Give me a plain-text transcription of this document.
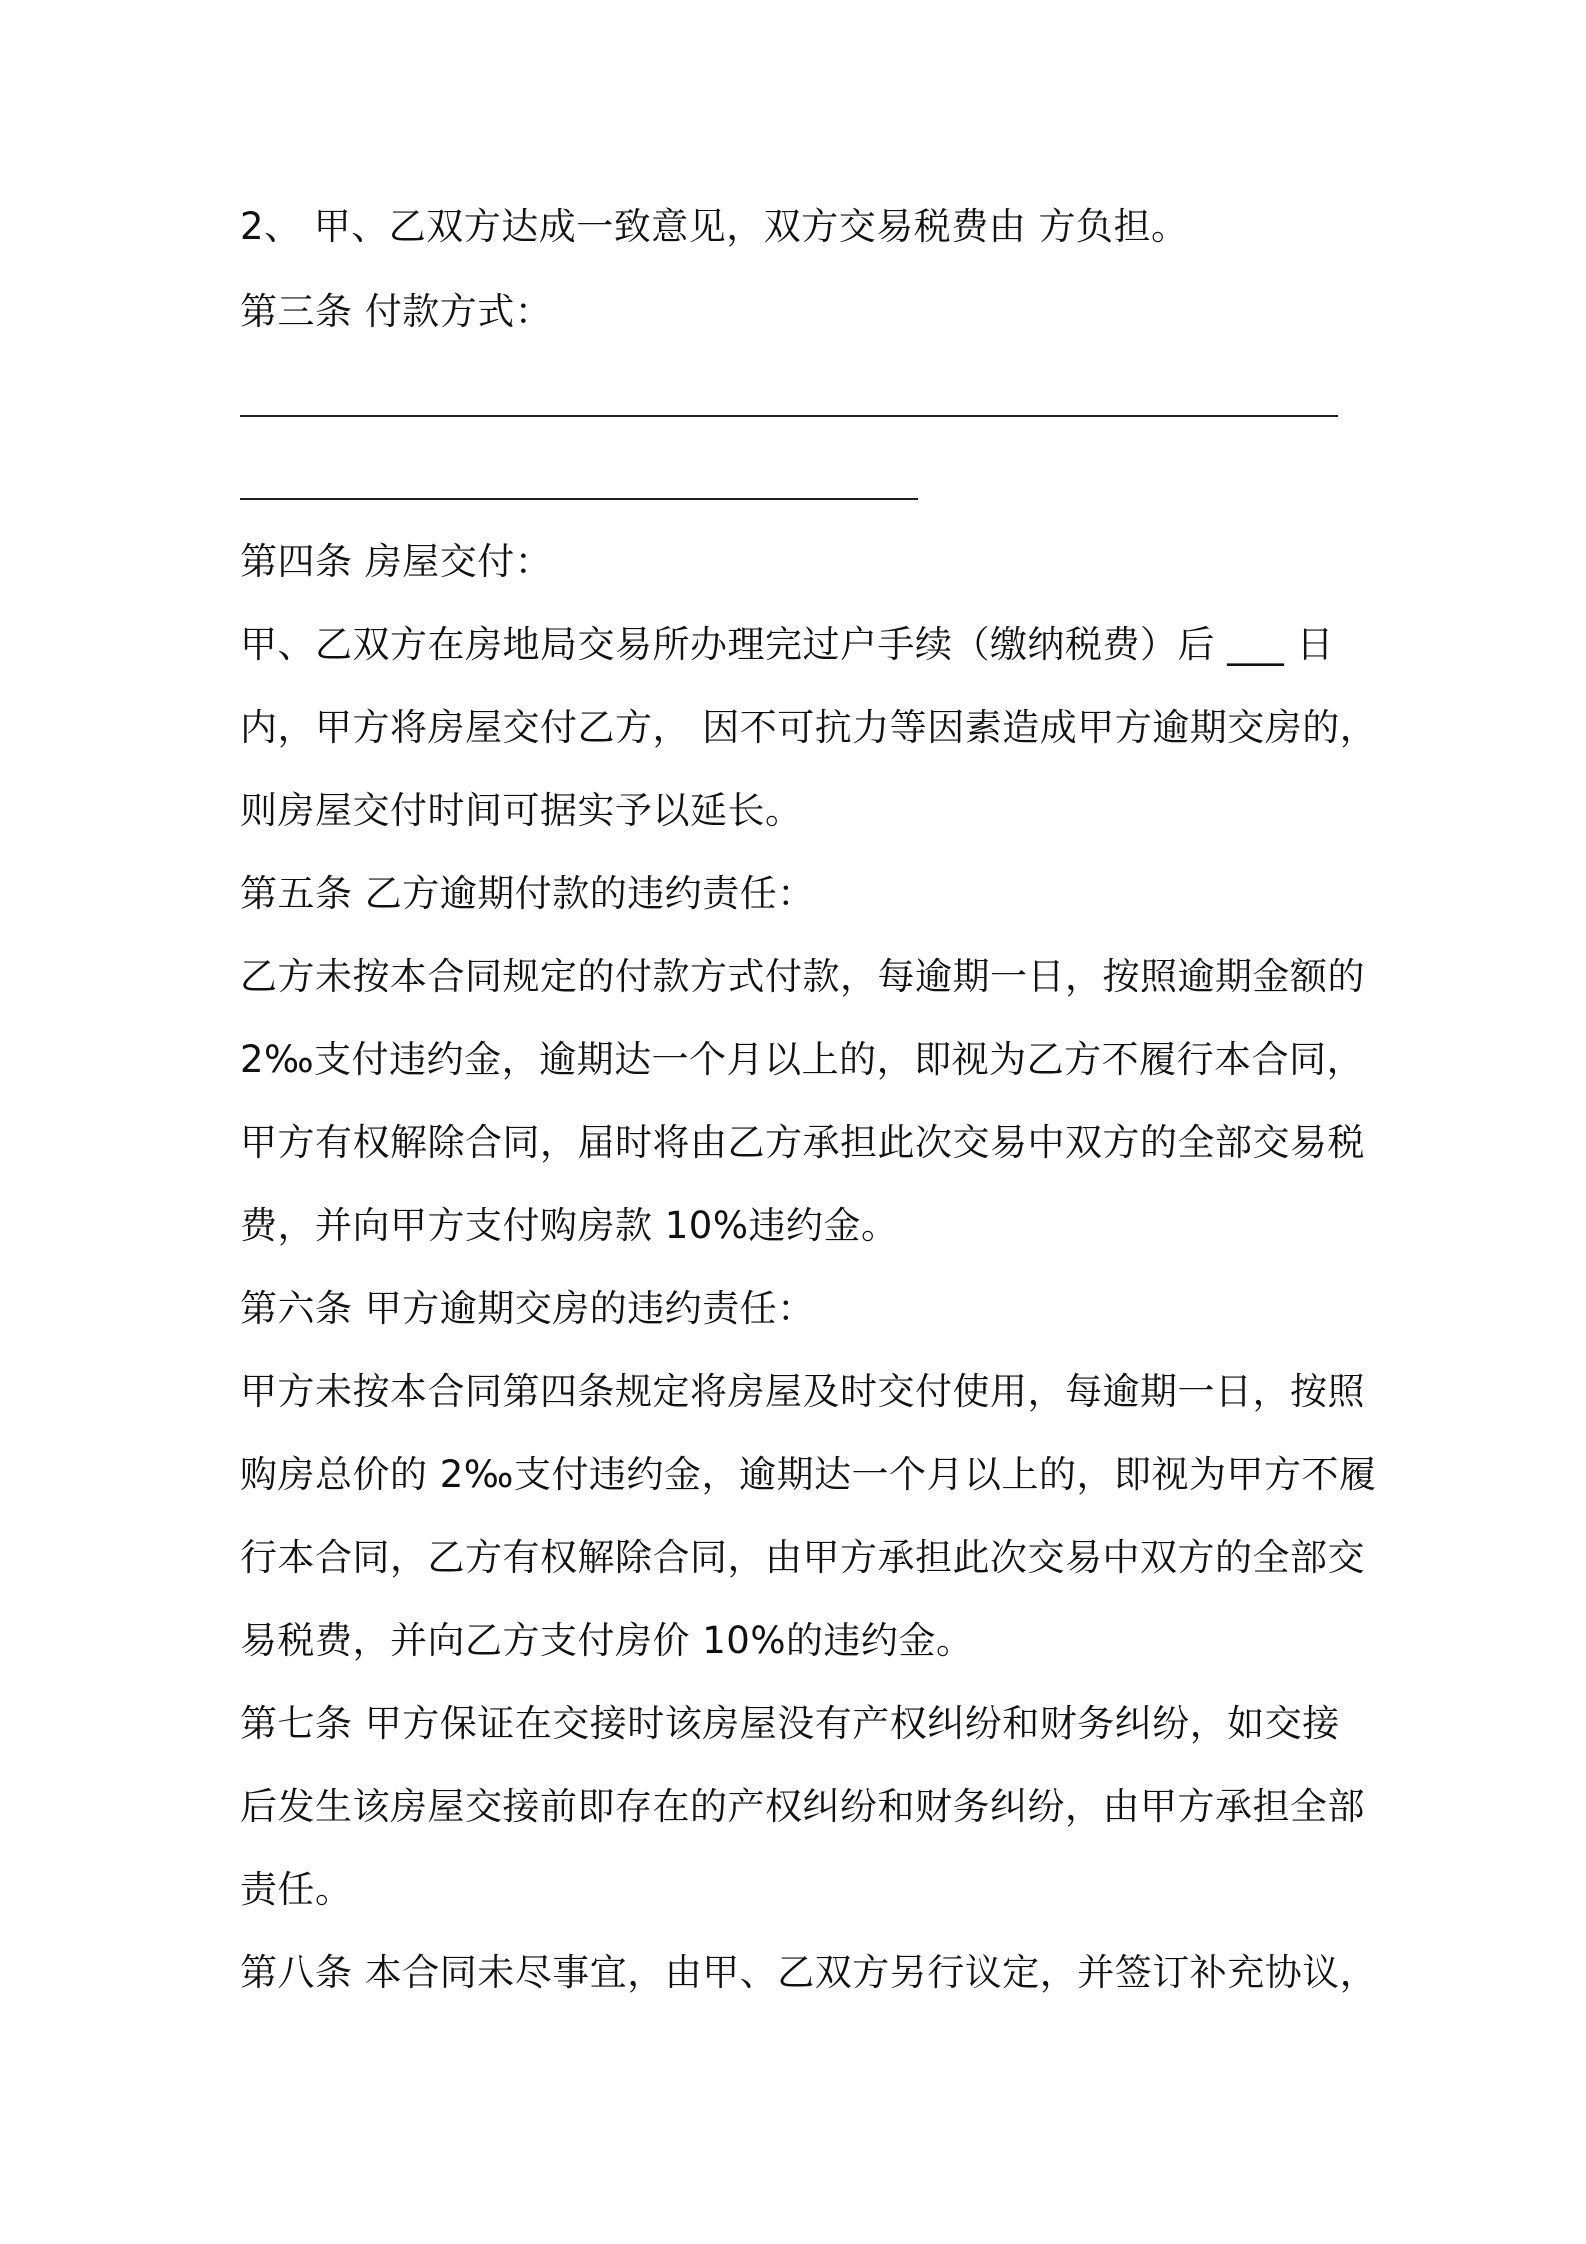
2、 甲、乙双方达成一致意见，双方交易税费由 方负担。

第三条 付款方式：

第四条 房屋交付：

甲、乙双方在房地局交易所办理完过户手续（缴纳税费）后 ___ 日

内，甲方将房屋交付乙方， 因不可抗力等因素造成甲方逾期交房的，

则房屋交付时间可据实予以延长。

第五条 乙方逾期付款的违约责任：

乙方未按本合同规定的付款方式付款，每逾期一日，按照逾期金额的

2‰支付违约金，逾期达一个月以上的，即视为乙方不履行本合同，

甲方有权解除合同，届时将由乙方承担此次交易中双方的全部交易税

费，并向甲方支付购房款 10%违约金。

第六条 甲方逾期交房的违约责任：

甲方未按本合同第四条规定将房屋及时交付使用，每逾期一日，按照

购房总价的 2‰支付违约金，逾期达一个月以上的，即视为甲方不履

行本合同，乙方有权解除合同，由甲方承担此次交易中双方的全部交

易税费，并向乙方支付房价 10%的违约金。

第七条 甲方保证在交接时该房屋没有产权纠纷和财务纠纷，如交接

后发生该房屋交接前即存在的产权纠纷和财务纠纷，由甲方承担全部

责任。

第八条 本合同未尽事宜，由甲、乙双方另行议定，并签订补充协议，
